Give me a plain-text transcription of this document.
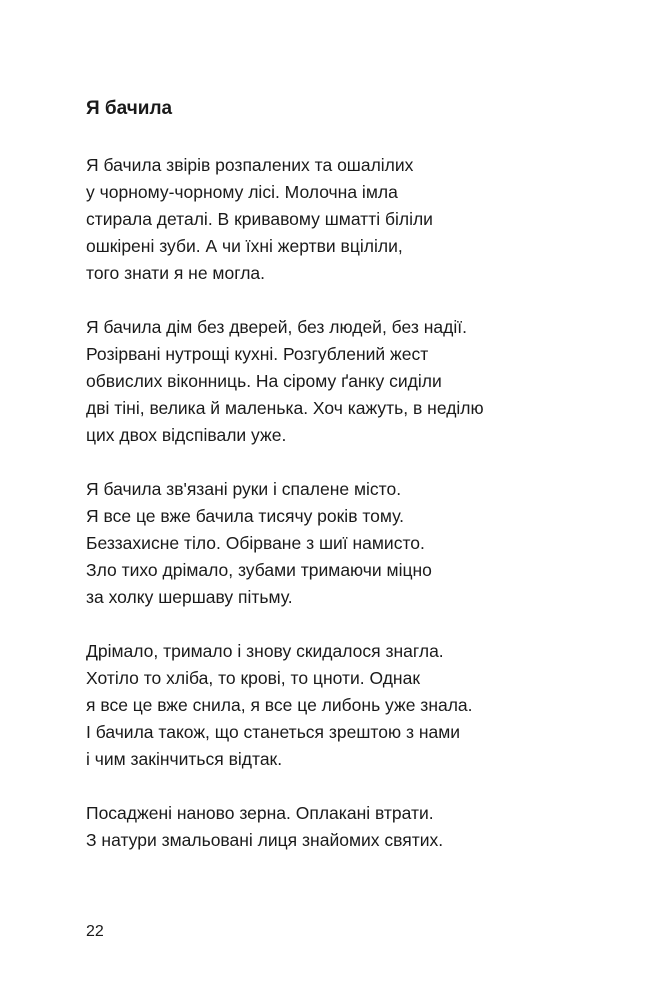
Я бачила
Я бачила звірів розпалених та ошалілих
у чорному-чорному лісі. Молочна імла
стирала деталі. В кривавому шматті біліли
ошкірені зуби. А чи їхні жертви вціліли,
того знати я не могла.
Я бачила дім без дверей, без людей, без надії.
Розірвані нутрощі кухні. Розгублений жест
обвислих віконниць. На сірому ґанку сиділи
дві тіні, велика й маленька. Хоч кажуть, в неділю
цих двох відспівали уже.
Я бачила зв'язані руки і спалене місто.
Я все це вже бачила тисячу років тому.
Беззахисне тіло. Обірване з шиї намисто.
Зло тихо дрімало, зубами тримаючи міцно
за холку шершаву пітьму.
Дрімало, тримало і знову скидалося знагла.
Хотіло то хліба, то крові, то цноти. Однак
я все це вже снила, я все це либонь уже знала.
І бачила також, що станеться зрештою з нами
і чим закінчиться відтак.
Посаджені наново зерна. Оплакані втрати.
З натури змальовані лиця знайомих святих.
22
